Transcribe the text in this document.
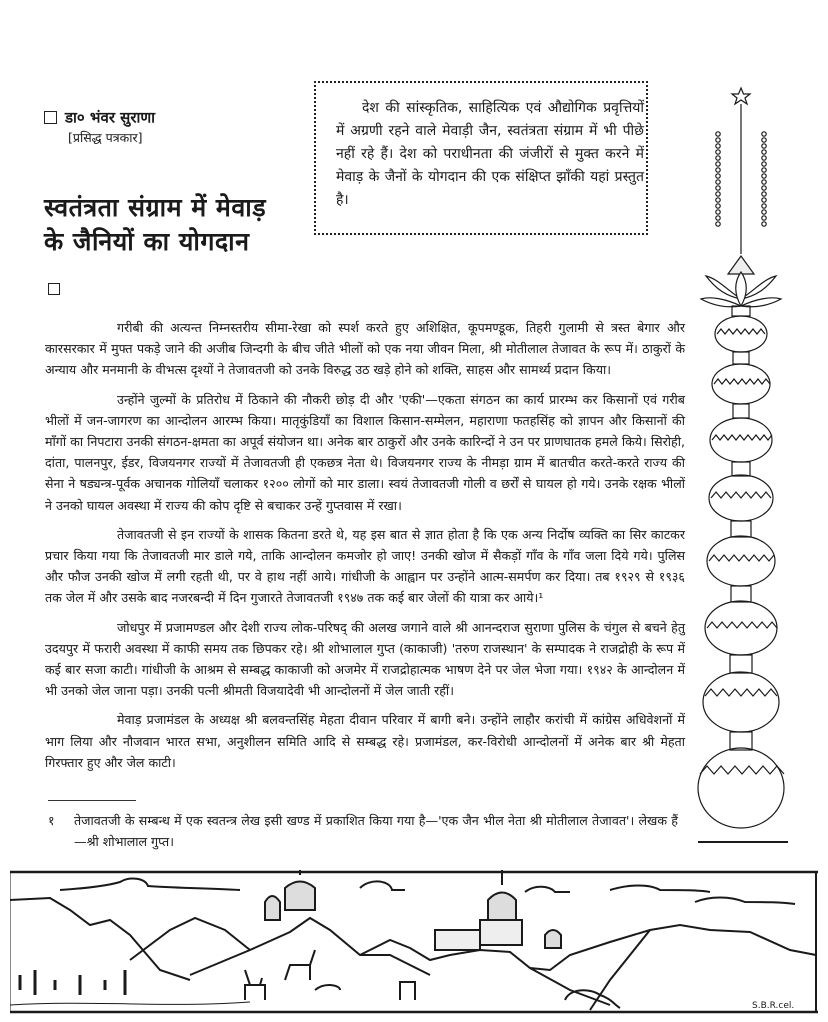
डा० भंवर सुराणा
[प्रसिद्ध पत्रकार]
देश की सांस्कृतिक, साहित्यिक एवं औद्योगिक प्रवृत्तियों में अग्रणी रहने वाले मेवाड़ी जैन, स्वतंत्रता संग्राम में भी पीछे नहीं रहे हैं। देश को पराधीनता की जंजीरों से मुक्त करने में मेवाड़ के जैनों के योगदान की एक संक्षिप्त झाँकी यहां प्रस्तुत है।
स्वतंत्रता संग्राम में मेवाड़
के जैनियों का योगदान

गरीबी की अत्यन्त निम्नस्तरीय सीमा-रेखा को स्पर्श करते हुए अशिक्षित, कूपमण्डूक, तिहरी गुलामी से त्रस्त बेगार और कारसरकार में मुफ्त पकड़े जाने की अजीब जिन्दगी के बीच जीते भीलों को एक नया जीवन मिला, श्री मोतीलाल तेजावत के रूप में। ठाकुरों के अन्याय और मनमानी के वीभत्स दृश्यों ने तेजावतजी को उनके विरुद्ध उठ खड़े होने को शक्ति, साहस और सामर्थ्य प्रदान किया।

उन्होंने जुल्मों के प्रतिरोध में ठिकाने की नौकरी छोड़ दी और 'एकी'—एकता संगठन का कार्य प्रारम्भ कर किसानों एवं गरीब भीलों में जन-जागरण का आन्दोलन आरम्भ किया। मातृकुंडियाँ का विशाल किसान-सम्मेलन, महाराणा फतहसिंह को ज्ञापन और किसानों की माँगों का निपटारा उनकी संगठन-क्षमता का अपूर्व संयोजन था। अनेक बार ठाकुरों और उनके कारिन्दों ने उन पर प्राणघातक हमले किये। सिरोही, दांता, पालनपुर, ईडर, विजयनगर राज्यों में तेजावतजी ही एकछत्र नेता थे। विजयनगर राज्य के नीमड़ा ग्राम में बातचीत करते-करते राज्य की सेना ने षड्यन्त्र-पूर्वक अचानक गोलियाँ चलाकर १२०० लोगों को मार डाला। स्वयं तेजावतजी गोली व छर्रों से घायल हो गये। उनके रक्षक भीलों ने उनको घायल अवस्था में राज्य की कोप दृष्टि से बचाकर उन्हें गुप्तवास में रखा।

तेजावतजी से इन राज्यों के शासक कितना डरते थे, यह इस बात से ज्ञात होता है कि एक अन्य निर्दोष व्यक्ति का सिर काटकर प्रचार किया गया कि तेजावतजी मार डाले गये, ताकि आन्दोलन कमजोर हो जाए! उनकी खोज में सैकड़ों गाँव के गाँव जला दिये गये। पुलिस और फौज उनकी खोज में लगी रहती थी, पर वे हाथ नहीं आये। गांधीजी के आह्वान पर उन्होंने आत्म-समर्पण कर दिया। तब १९२९ से १९३६ तक जेल में और उसके बाद नजरबन्दी में दिन गुजारते तेजावतजी १९४७ तक कई बार जेलों की यात्रा कर आये।¹

जोधपुर में प्रजामण्डल और देशी राज्य लोक-परिषद् की अलख जगाने वाले श्री आनन्दराज सुराणा पुलिस के चंगुल से बचने हेतु उदयपुर में फरारी अवस्था में काफी समय तक छिपकर रहे। श्री शोभालाल गुप्त (काकाजी) 'तरुण राजस्थान' के सम्पादक ने राजद्रोही के रूप में कई बार सजा काटी। गांधीजी के आश्रम से सम्बद्ध काकाजी को अजमेर में राजद्रोहात्मक भाषण देने पर जेल भेजा गया। १९४२ के आन्दोलन में भी उनको जेल जाना पड़ा। उनकी पत्नी श्रीमती विजयादेवी भी आन्दोलनों में जेल जाती रहीं।

मेवाड़ प्रजामंडल के अध्यक्ष श्री बलवन्तसिंह मेहता दीवान परिवार में बागी बने। उन्होंने लाहौर करांची में कांग्रेस अधिवेशनों में भाग लिया और नौजवान भारत सभा, अनुशीलन समिति आदि से सम्बद्ध रहे। प्रजामंडल, कर-विरोधी आन्दोलनों में अनेक बार श्री मेहता गिरफ्तार हुए और जेल काटी।

१	तेजावतजी के सम्बन्ध में एक स्वतन्त्र लेख इसी खण्ड में प्रकाशित किया गया है—'एक जैन भील नेता श्री मोतीलाल तेजावत'। लेखक हैं—श्री शोभालाल गुप्त।
S.B.R.cel.
